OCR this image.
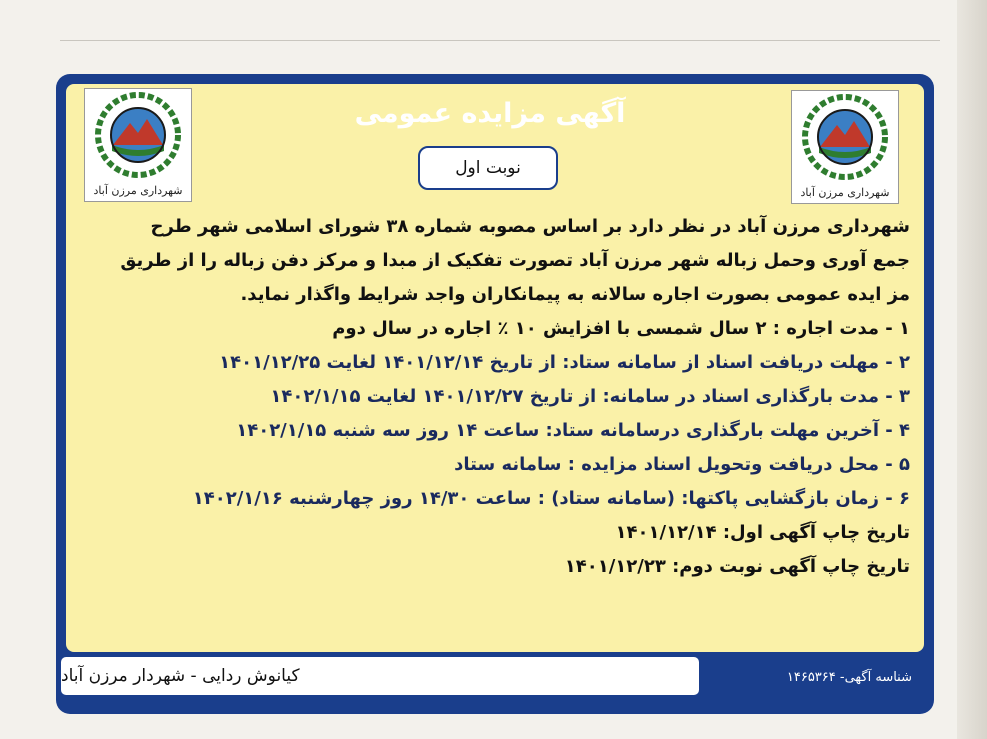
آگهی مزایده عمومی
نوبت اول
شهرداری مرزن آباد	شهرداری مرزن آباد

شهرداری مرزن آباد در نظر دارد بر اساس مصوبه شماره ۳۸ شورای اسلامی شهر طرح

جمع آوری وحمل زباله شهر مرزن آباد تصورت تفکیک از مبدا و مرکز دفن زباله را از طریق

مز ایده عمومی بصورت اجاره سالانه به پیمانکاران واجد شرایط واگذار نماید.

۱ - مدت اجاره : ۲ سال شمسی با افزایش ۱۰ ٪ اجاره در سال دوم

۲ - مهلت دریافت اسناد از سامانه ستاد: از تاریخ ۱۴۰۱/۱۲/۱۴ لغایت ۱۴۰۱/۱۲/۲۵

۳ - مدت بارگذاری اسناد در سامانه: از تاریخ ۱۴۰۱/۱۲/۲۷ لغایت ۱۴۰۲/۱/۱۵

۴ - آخرین مهلت بارگذاری درسامانه ستاد: ساعت ۱۴ روز سه شنبه ۱۴۰۲/۱/۱۵

۵ - محل دریافت وتحویل اسناد مزایده : سامانه ستاد

۶ - زمان بازگشایی پاکتها: (سامانه ستاد) : ساعت ۱۴/۳۰ روز چهارشنبه ۱۴۰۲/۱/۱۶

تاریخ چاپ آگهی اول: ۱۴۰۱/۱۲/۱۴

تاریخ چاپ آگهی نوبت دوم: ۱۴۰۱/۱۲/۲۳

کیانوش ردایی - شهردار مرزن آباد	شناسه آگهی- ۱۴۶۵۳۶۴
